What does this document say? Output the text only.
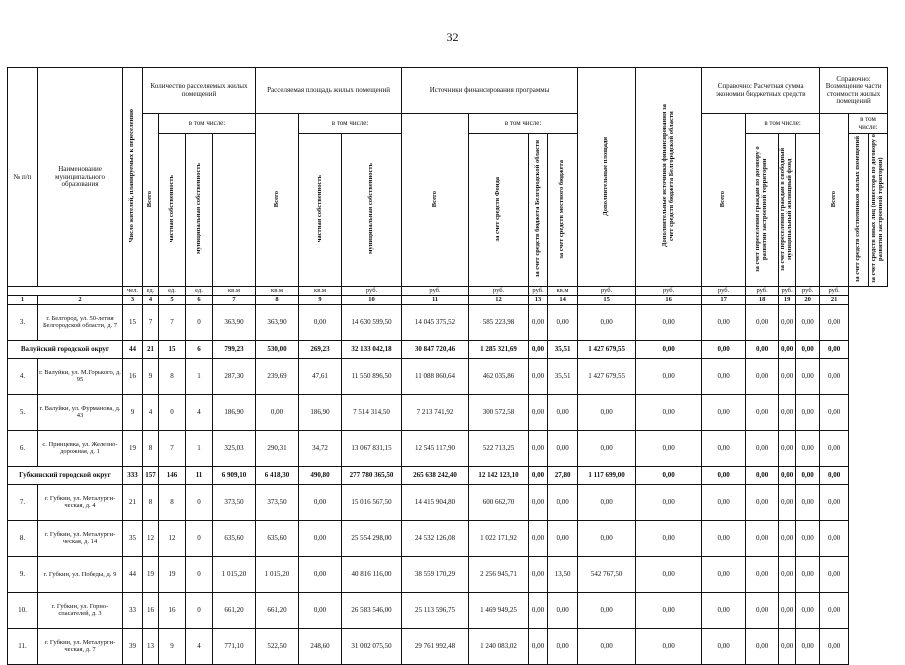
32
№ п/п	Наименование муниципального образования	Число жителей, планируемых к переселению	Количество расселяемых жилых помещений				Расселяемая площадь жилых помещений			Источники финансирования программы				Дополнительные площади	Дополнительные источники финансирования за счет средств бюджета Белгородской области	Справочно: Расчетная сумма экономии бюджетных средств				Справочно: Возмещение части стоимости жилых помещений		
			Всего	в том числе:			Всего	в том числе:		Всего	в том числе:					Всего	в том числе:			Всего	в том числе:	
				частная собственность	муниципальная собственность			частная собственность	муниципальная собственность		за счет средств Фонда	за счет средств бюджета Белгородской области	за счет средств местного бюджета				за счет переселения граждан по договору о развитии застроенной территории	за счет переселения граждан в свободный муниципальный жилищный фонд			за счет средств собственников жилых помещений	за счет средств иных лиц (инвестора по договору о развитии застроенной территории)
		чел.	ед.	ед.	ед.	кв.м	кв.м	кв.м	руб.	руб.	руб.	руб.	кв.м	руб.	руб.	руб.	руб.	руб.	руб.	руб.		
1	2	3	4	5	6	7	8	9	10	11	12	13	14	15	16	17	18	19	20	21		
3.	г. Белгород, ул. 50-летия Белгородской области, д. 7	15	7	7	0	363,90	363,90	0,00	14 630 599,50	14 045 375,52	585 223,98	0,00	0,00	0,00	0,00	0,00	0,00	0,00	0,00	0,00		
Валуйский городской округ		44	21	15	6	799,23	530,00	269,23	32 133 042,18	30 847 720,46	1 285 321,69	0,00	35,51	1 427 679,55	0,00	0,00	0,00	0,00	0,00	0,00		
4.	г. Валуйки, ул. М.Горького, д. 95	16	9	8	1	287,30	239,69	47,61	11 550 896,50	11 088 860,64	462 035,86	0,00	35,51	1 427 679,55	0,00	0,00	0,00	0,00	0,00	0,00		
5.	г. Валуйки, ул. Фурманова, д. 43	9	4	0	4	186,90	0,00	186,90	7 514 314,50	7 213 741,92	300 572,58	0,00	0,00	0,00	0,00	0,00	0,00	0,00	0,00	0,00		
6.	с. Принцевка, ул. Железно-дорожная, д. 1	19	8	7	1	325,03	290,31	34,72	13 067 831,15	12 545 117,90	522 713,25	0,00	0,00	0,00	0,00	0,00	0,00	0,00	0,00	0,00		
Губкинский городской округ		333	157	146	11	6 909,10	6 418,30	490,80	277 780 365,50	265 638 242,40	12 142 123,10	0,00	27,80	1 117 699,00	0,00	0,00	0,00	0,00	0,00	0,00		
7.	г. Губкин, ул. Металурги-ческая, д. 4	21	8	8	0	373,50	373,50	0,00	15 016 567,50	14 415 904,80	600 662,70	0,00	0,00	0,00	0,00	0,00	0,00	0,00	0,00	0,00		
8.	г. Губкин, ул. Металурги-ческая, д. 14	35	12	12	0	635,60	635,60	0,00	25 554 298,00	24 532 126,08	1 022 171,92	0,00	0,00	0,00	0,00	0,00	0,00	0,00	0,00	0,00		
9.	г. Губкин, ул. Победы, д. 9	44	19	19	0	1 015,20	1 015,20	0,00	40 816 116,00	38 559 170,29	2 256 945,71	0,00	13,50	542 767,50	0,00	0,00	0,00	0,00	0,00	0,00		
10.	г. Губкин, ул. Горно-спасателей, д. 3	33	16	16	0	661,20	661,20	0,00	26 583 546,00	25 113 596,75	1 469 949,25	0,00	0,00	0,00	0,00	0,00	0,00	0,00	0,00	0,00		
11.	г. Губкин, ул. Металурги-ческая, д. 7	39	13	9	4	771,10	522,50	248,60	31 002 075,50	29 761 992,48	1 240 083,02	0,00	0,00	0,00	0,00	0,00	0,00	0,00	0,00	0,00		
